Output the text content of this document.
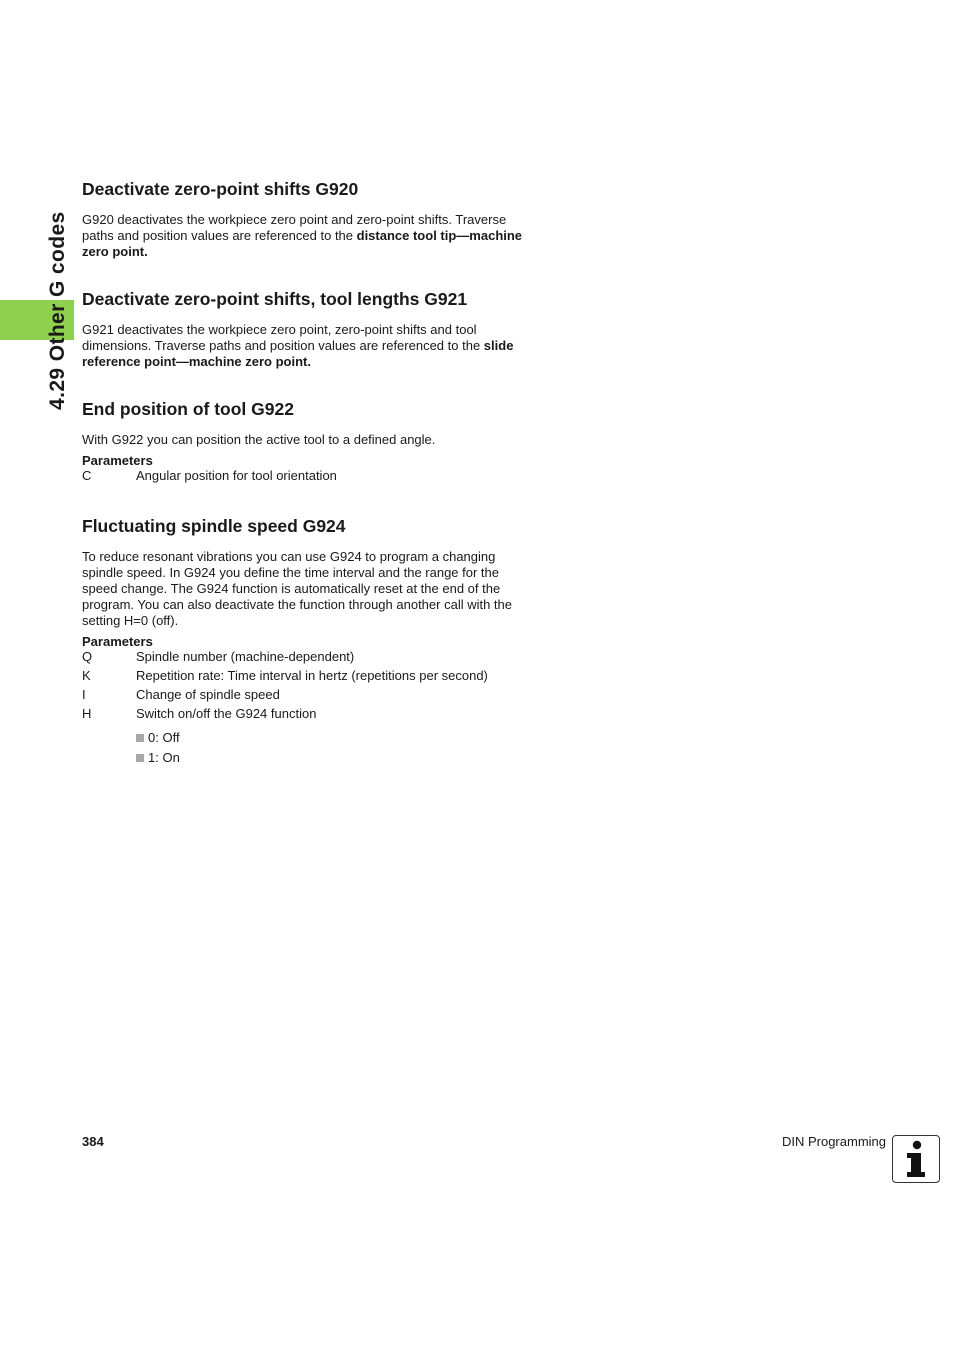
4.29 Other G codes
Deactivate zero-point shifts G920

G920 deactivates the workpiece zero point and zero-point shifts. Traverse paths and position values are referenced to the distance tool tip—machine zero point.

Deactivate zero-point shifts, tool lengths G921

G921 deactivates the workpiece zero point, zero-point shifts and tool dimensions. Traverse paths and position values are referenced to the slide reference point—machine zero point.

End position of tool G922

With G922 you can position the active tool to a defined angle.

Parameters
C	Angular position for tool orientation
Fluctuating spindle speed G924

To reduce resonant vibrations you can use G924 to program a changing spindle speed. In G924 you define the time interval and the range for the speed change. The G924 function is automatically reset at the end of the program. You can also deactivate the function through another call with the setting H=0 (off).

Parameters
Q	Spindle number (machine-dependent)
K	Repetition rate: Time interval in hertz (repetitions per second)
I	Change of spindle speed
H	Switch on/off the G924 function
0: Off
1: On
384	DIN Programming
